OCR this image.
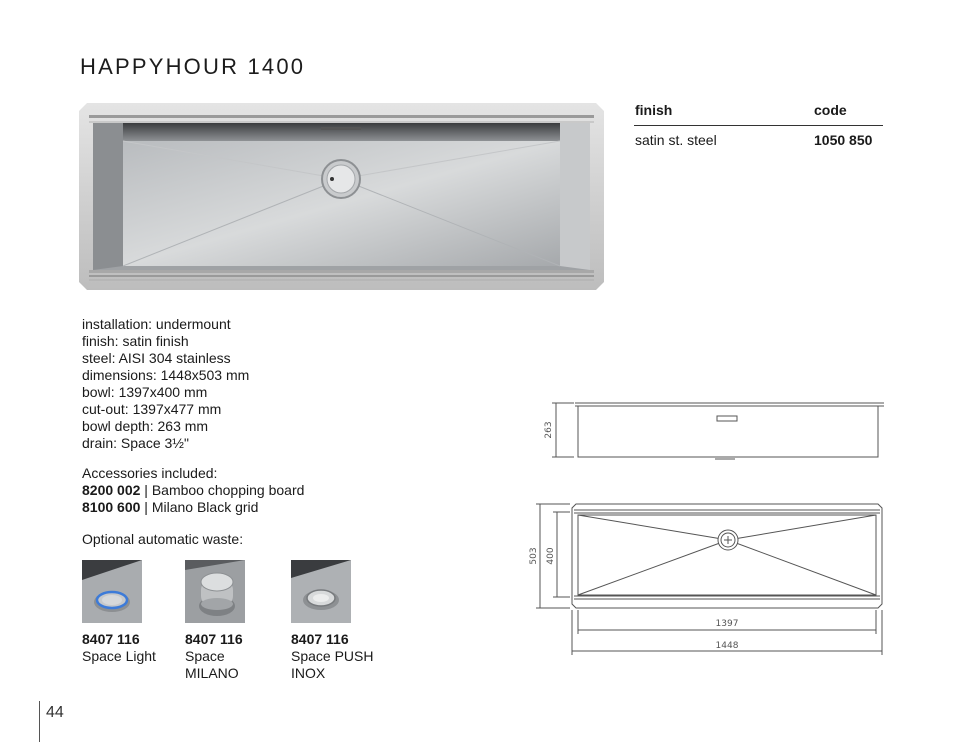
HAPPYHOUR 1400
finish	code
satin st. steel	1050 850
installation: undermount
finish: satin finish
steel: AISI 304 stainless
dimensions: 1448x503 mm
bowl: 1397x400 mm
cut-out: 1397x477 mm
bowl depth: 263 mm
drain: Space 3½"
Accessories included:
8200 002 | Bamboo chopping board
8100 600 | Milano Black grid
Optional automatic waste:
8407 116
Space Light
8407 116
Space
MILANO
8407 116
Space PUSH
INOX
263
503 400
1397
1448
44
